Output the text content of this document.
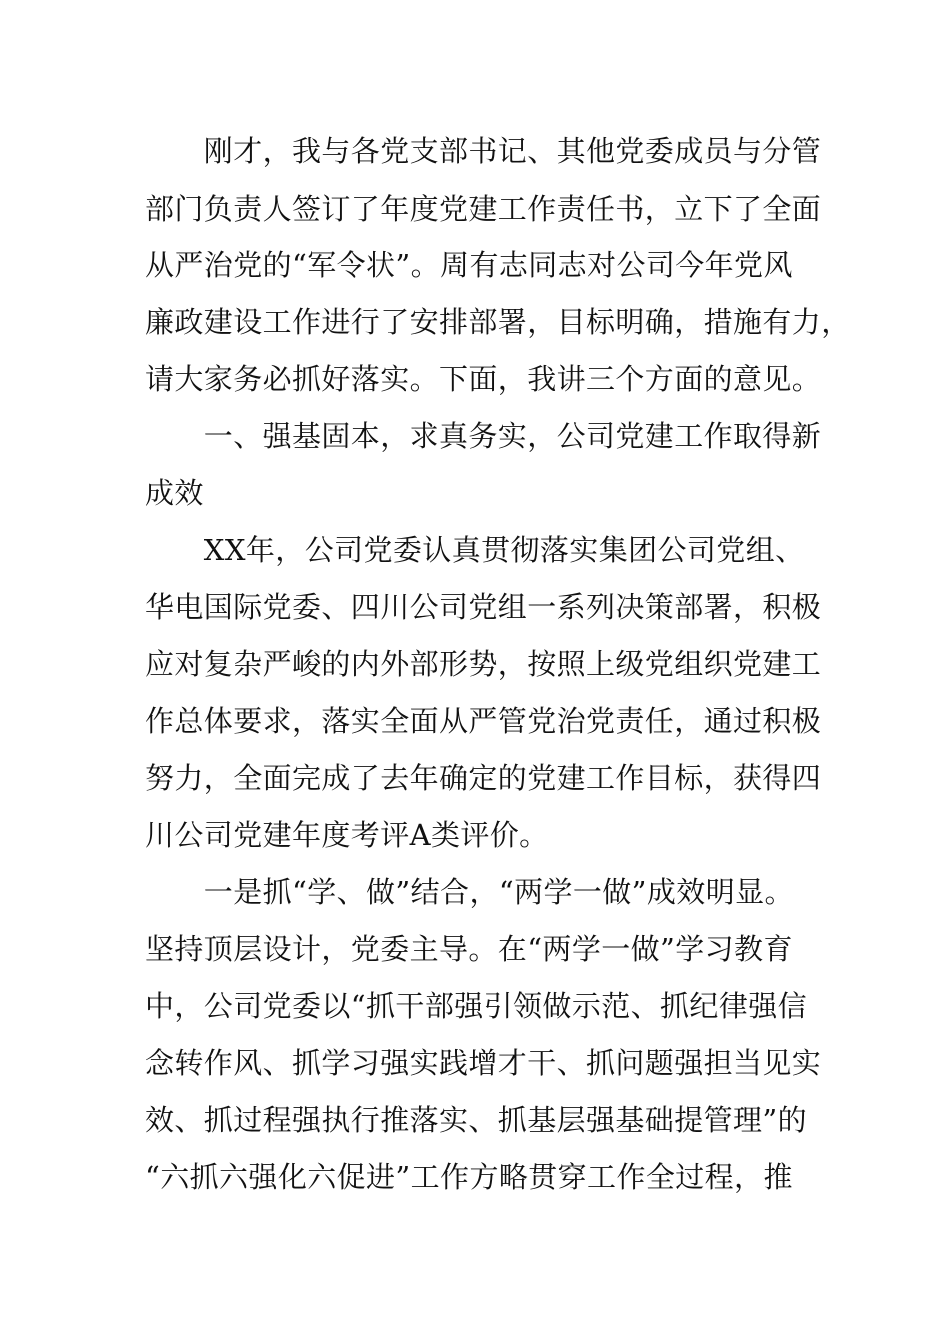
　　刚才，我与各党支部书记、其他党委成员与分管
部门负责人签订了年度党建工作责任书，立下了全面
从严治党的“军令状”。周有志同志对公司今年党风
廉政建设工作进行了安排部署，目标明确，措施有力，
请大家务必抓好落实。下面，我讲三个方面的意见。
　　一、强基固本，求真务实，公司党建工作取得新
成效
　　XX年，公司党委认真贯彻落实集团公司党组、
华电国际党委、四川公司党组一系列决策部署，积极
应对复杂严峻的内外部形势，按照上级党组织党建工
作总体要求，落实全面从严管党治党责任，通过积极
努力，全面完成了去年确定的党建工作目标，获得四
川公司党建年度考评A类评价。
　　一是抓“学、做”结合，“两学一做”成效明显。
坚持顶层设计，党委主导。在“两学一做”学习教育
中，公司党委以“抓干部强引领做示范、抓纪律强信
念转作风、抓学习强实践增才干、抓问题强担当见实
效、抓过程强执行推落实、抓基层强基础提管理”的
“六抓六强化六促进”工作方略贯穿工作全过程，推
